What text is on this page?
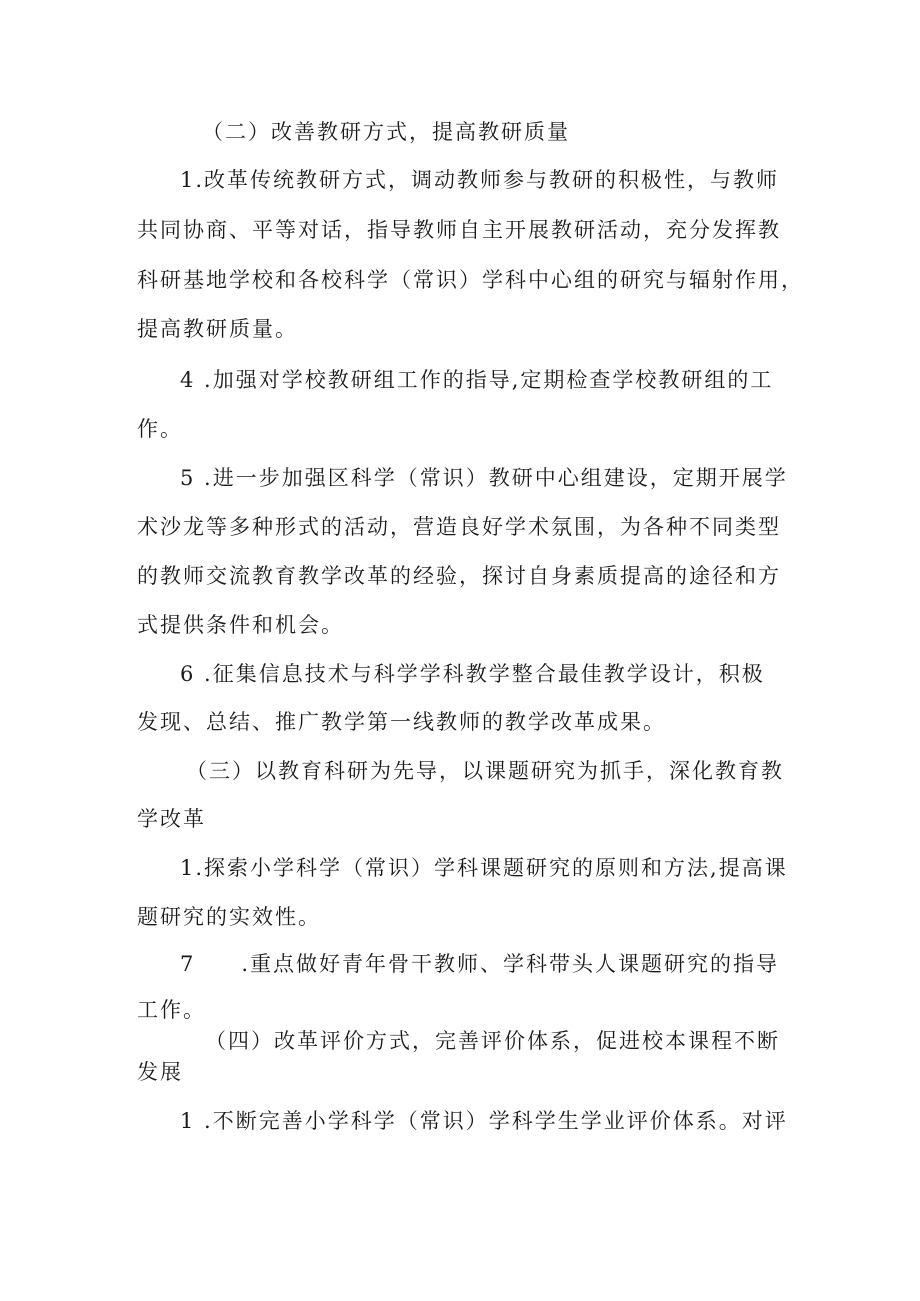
（二）改善教研方式，提高教研质量
1.改革传统教研方式，调动教师参与教研的积极性，与教师
共同协商、平等对话，指导教师自主开展教研活动，充分发挥教
科研基地学校和各校科学（常识）学科中心组的研究与辐射作用，
提高教研质量。
4 .加强对学校教研组工作的指导,定期检查学校教研组的工
作。
5 .进一步加强区科学（常识）教研中心组建设，定期开展学
术沙龙等多种形式的活动，营造良好学术氛围，为各种不同类型
的教师交流教育教学改革的经验，探讨自身素质提高的途径和方
式提供条件和机会。
6 .征集信息技术与科学学科教学整合最佳教学设计，积极
发现、总结、推广教学第一线教师的教学改革成果。
（三）以教育科研为先导，以课题研究为抓手，深化教育教
学改革
1.探索小学科学（常识）学科课题研究的原则和方法,提高课
题研究的实效性。
7　　.重点做好青年骨干教师、学科带头人课题研究的指导
工作。
（四）改革评价方式，完善评价体系，促进校本课程不断
发展
1 .不断完善小学科学（常识）学科学生学业评价体系。对评
